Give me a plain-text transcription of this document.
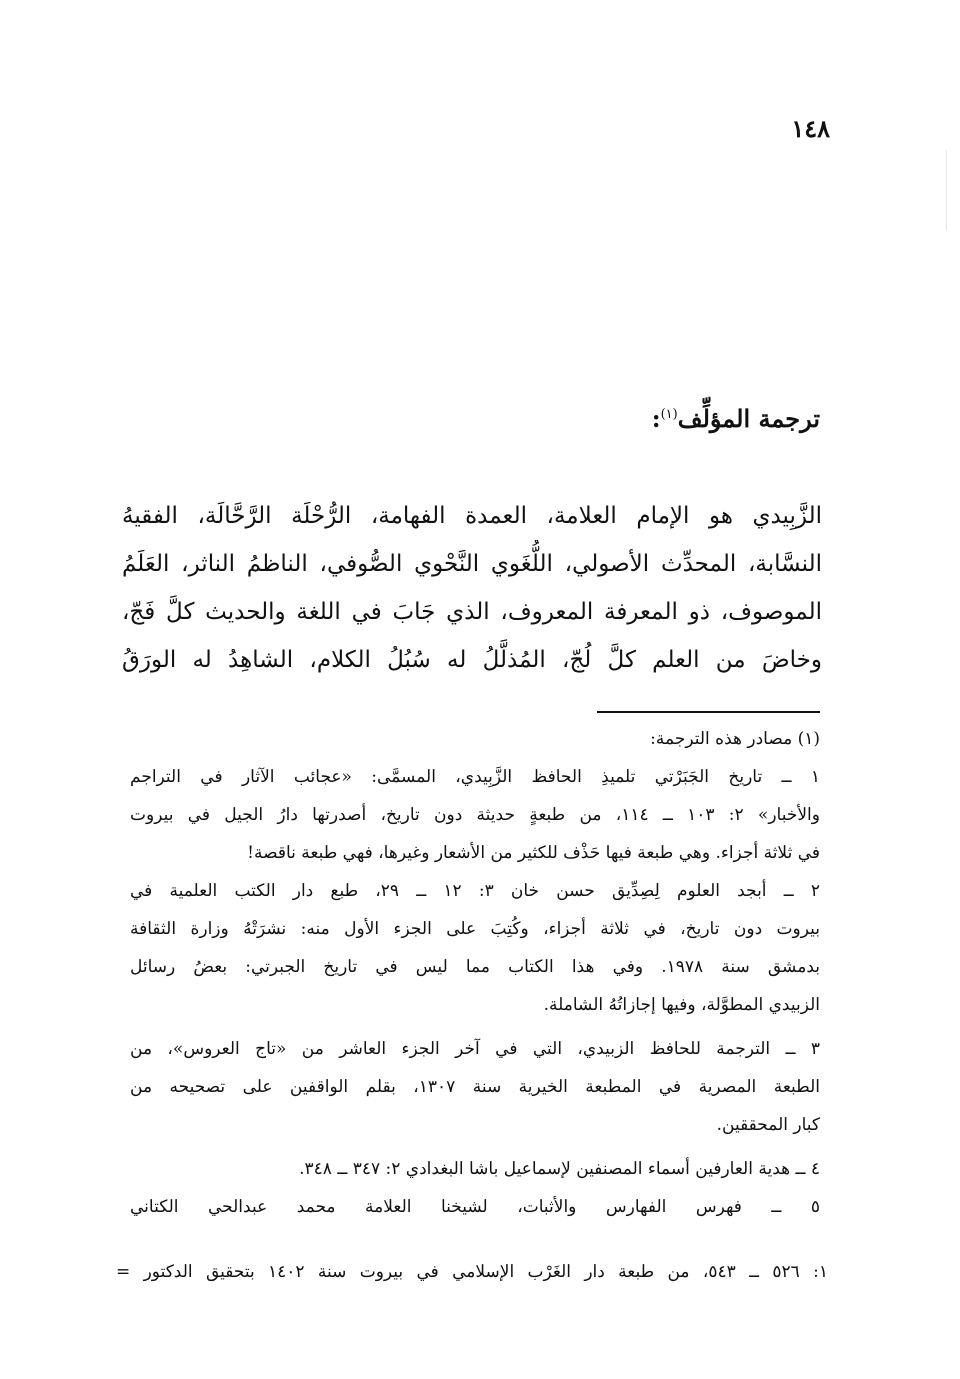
١٤٨
ترجمة المؤلِّف$^{(١)}$:
الزَّبِيدي هو الإمام العلامة، العمدة الفهامة، الرُّحْلَة الرَّحَّالَة، الفقيهُ
النسَّابة، المحدِّث الأصولي، اللُّغَوي النَّحْوي الصُّوفي، الناظمُ الناثر، العَلَمُ
الموصوف، ذو المعرفة المعروف، الذي جَابَ في اللغة والحديث كلَّ فَجّ،
وخاضَ من العلم كلَّ لُجّ، المُذلَّلُ له سُبُلُ الكلام، الشاهِدُ له الورَقُ
(١) مصادر هذه الترجمة:
١ ــ تاريخ الجَبَرْتي تلميذِ الحافظ الزَّبِيدي، المسمَّى: «عجائب الآثار في التراجم
والأخبار» ٢: ١٠٣ ــ ١١٤، من طبعةٍ حديثة دون تاريخ، أصدرتها دارُ الجيل في بيروت
في ثلاثة أجزاء. وهي طبعة فيها حَذْف للكثير من الأشعار وغيرها، فهي طبعة ناقصة!
٢ ــ أبجد العلوم لِصِدِّيق حسن خان ٣: ١٢ ــ ٢٩، طبع دار الكتب العلمية في
بيروت دون تاريخ، في ثلاثة أجزاء، وكُتِبَ على الجزء الأول منه: نشرَتْهُ وزارة الثقافة
بدمشق سنة ١٩٧٨. وفي هذا الكتاب مما ليس في تاريخ الجبرتي: بعضُ رسائل
الزبيدي المطوَّلة، وفيها إجازاتُهُ الشاملة.
٣ ــ الترجمة للحافظ الزبيدي، التي في آخر الجزء العاشر من «تاج العروس»، من
الطبعة المصرية في المطبعة الخيرية سنة ١٣٠٧، بقلم الواقفين على تصحيحه من
كبار المحققين.
٤ ــ هدية العارفين أسماء المصنفين لإسماعيل باشا البغدادي ٢: ٣٤٧ ــ ٣٤٨.
٥ ــ فهرس الفهارس والأثبات، لشيخنا العلامة محمد عبدالحي الكتاني
١: ٥٢٦ ــ ٥٤٣، من طبعة دار الغَرْب الإسلامي في بيروت سنة ١٤٠٢ بتحقيق الدكتور =
